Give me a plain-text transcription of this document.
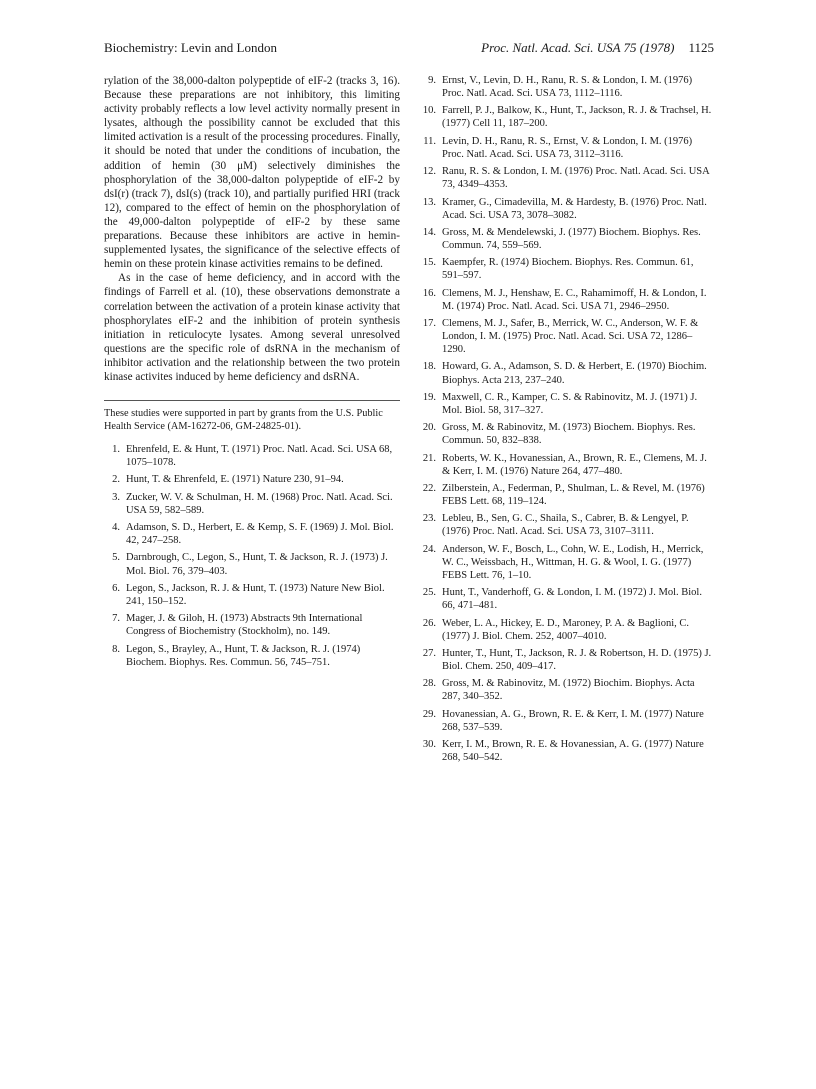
Biochemistry: Levin and London	Proc. Natl. Acad. Sci. USA 75 (1978) 1125

rylation of the 38,000-dalton polypeptide of eIF-2 (tracks 3, 16). Because these preparations are not inhibitory, this limiting activity probably reflects a low level activity normally present in lysates, although the possibility cannot be excluded that this limited activation is a result of the processing procedures. Finally, it should be noted that under the conditions of incubation, the addition of hemin (30 μM) selectively diminishes the phosphorylation of the 38,000-dalton polypeptide of eIF-2 by dsI(r) (track 7), dsI(s) (track 10), and partially purified HRI (track 12), compared to the effect of hemin on the phosphorylation of the 49,000-dalton polypeptide of eIF-2 by these same preparations. Because these inhibitors are active in hemin-supplemented lysates, the significance of the selective effects of hemin on these protein kinase activities remains to be defined.

As in the case of heme deficiency, and in accord with the findings of Farrell et al. (10), these observations demonstrate a correlation between the activation of a protein kinase activity that phosphorylates eIF-2 and the inhibition of protein synthesis initiation in reticulocyte lysates. Among several unresolved questions are the specific role of dsRNA in the mechanism of inhibitor activation and the relationship between the two protein kinase activites induced by heme deficiency and dsRNA.

These studies were supported in part by grants from the U.S. Public Health Service (AM-16272-06, GM-24825-01).

1. Ehrenfeld, E. & Hunt, T. (1971) Proc. Natl. Acad. Sci. USA 68, 1075–1078.
2. Hunt, T. & Ehrenfeld, E. (1971) Nature 230, 91–94.
3. Zucker, W. V. & Schulman, H. M. (1968) Proc. Natl. Acad. Sci. USA 59, 582–589.
4. Adamson, S. D., Herbert, E. & Kemp, S. F. (1969) J. Mol. Biol. 42, 247–258.
5. Darnbrough, C., Legon, S., Hunt, T. & Jackson, R. J. (1973) J. Mol. Biol. 76, 379–403.
6. Legon, S., Jackson, R. J. & Hunt, T. (1973) Nature New Biol. 241, 150–152.
7. Mager, J. & Giloh, H. (1973) Abstracts 9th International Congress of Biochemistry (Stockholm), no. 149.
8. Legon, S., Brayley, A., Hunt, T. & Jackson, R. J. (1974) Biochem. Biophys. Res. Commun. 56, 745–751.
9. Ernst, V., Levin, D. H., Ranu, R. S. & London, I. M. (1976) Proc. Natl. Acad. Sci. USA 73, 1112–1116.
10. Farrell, P. J., Balkow, K., Hunt, T., Jackson, R. J. & Trachsel, H. (1977) Cell 11, 187–200.
11. Levin, D. H., Ranu, R. S., Ernst, V. & London, I. M. (1976) Proc. Natl. Acad. Sci. USA 73, 3112–3116.
12. Ranu, R. S. & London, I. M. (1976) Proc. Natl. Acad. Sci. USA 73, 4349–4353.
13. Kramer, G., Cimadevilla, M. & Hardesty, B. (1976) Proc. Natl. Acad. Sci. USA 73, 3078–3082.
14. Gross, M. & Mendelewski, J. (1977) Biochem. Biophys. Res. Commun. 74, 559–569.
15. Kaempfer, R. (1974) Biochem. Biophys. Res. Commun. 61, 591–597.
16. Clemens, M. J., Henshaw, E. C., Rahamimoff, H. & London, I. M. (1974) Proc. Natl. Acad. Sci. USA 71, 2946–2950.
17. Clemens, M. J., Safer, B., Merrick, W. C., Anderson, W. F. & London, I. M. (1975) Proc. Natl. Acad. Sci. USA 72, 1286–1290.
18. Howard, G. A., Adamson, S. D. & Herbert, E. (1970) Biochim. Biophys. Acta 213, 237–240.
19. Maxwell, C. R., Kamper, C. S. & Rabinovitz, M. J. (1971) J. Mol. Biol. 58, 317–327.
20. Gross, M. & Rabinovitz, M. (1973) Biochem. Biophys. Res. Commun. 50, 832–838.
21. Roberts, W. K., Hovanessian, A., Brown, R. E., Clemens, M. J. & Kerr, I. M. (1976) Nature 264, 477–480.
22. Zilberstein, A., Federman, P., Shulman, L. & Revel, M. (1976) FEBS Lett. 68, 119–124.
23. Lebleu, B., Sen, G. C., Shaila, S., Cabrer, B. & Lengyel, P. (1976) Proc. Natl. Acad. Sci. USA 73, 3107–3111.
24. Anderson, W. F., Bosch, L., Cohn, W. E., Lodish, H., Merrick, W. C., Weissbach, H., Wittman, H. G. & Wool, I. G. (1977) FEBS Lett. 76, 1–10.
25. Hunt, T., Vanderhoff, G. & London, I. M. (1972) J. Mol. Biol. 66, 471–481.
26. Weber, L. A., Hickey, E. D., Maroney, P. A. & Baglioni, C. (1977) J. Biol. Chem. 252, 4007–4010.
27. Hunter, T., Hunt, T., Jackson, R. J. & Robertson, H. D. (1975) J. Biol. Chem. 250, 409–417.
28. Gross, M. & Rabinovitz, M. (1972) Biochim. Biophys. Acta 287, 340–352.
29. Hovanessian, A. G., Brown, R. E. & Kerr, I. M. (1977) Nature 268, 537–539.
30. Kerr, I. M., Brown, R. E. & Hovanessian, A. G. (1977) Nature 268, 540–542.
